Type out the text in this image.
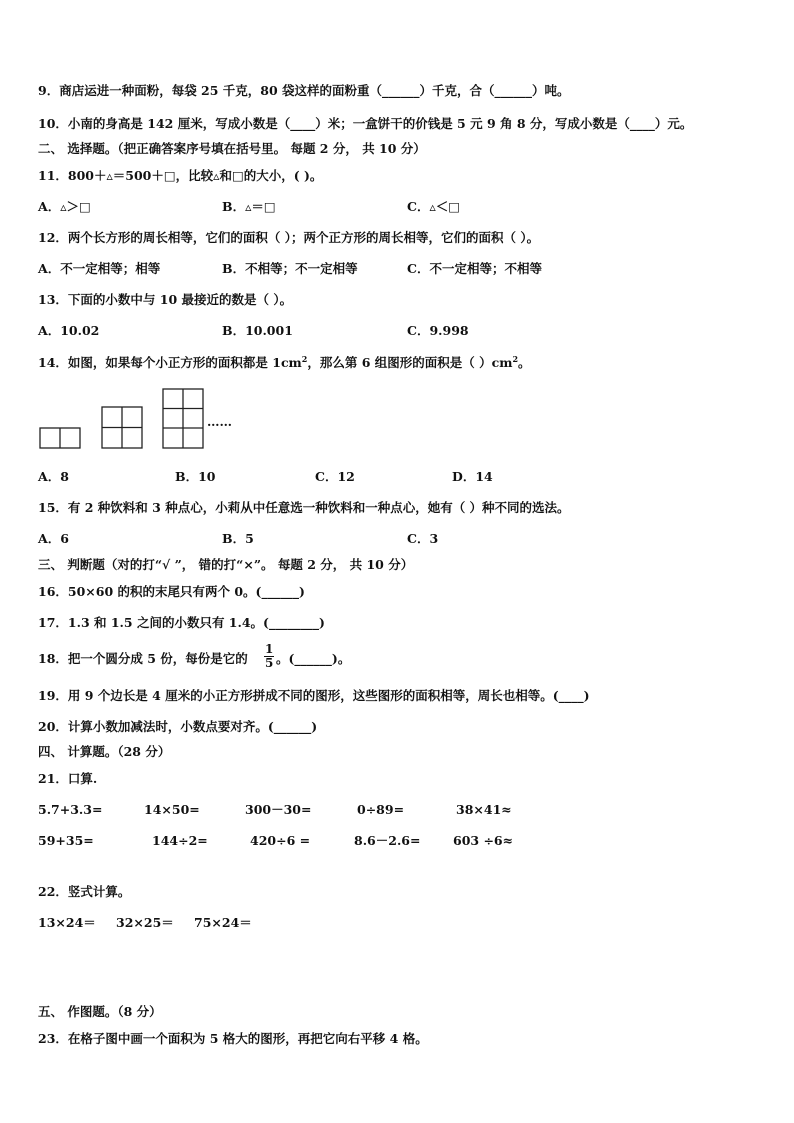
9．商店运进一种面粉，每袋 25 千克，80 袋这样的面粉重（______）千克，合（______）吨。
10．小南的身高是 142 厘米，写成小数是（____）米；一盒饼干的价钱是 5 元 9 角 8 分，写成小数是（____）元。
二、 选择题。（把正确答案序号填在括号里。 每题 2 分， 共 10 分）
11．800＋▵＝500＋□，比较▵和□的大小，( )。
A．▵＞□	B．▵＝□	C．▵＜□
12．两个长方形的周长相等，它们的面积（ ）；两个正方形的周长相等，它们的面积（ ）。
A．不一定相等；相等	B．不相等；不一定相等	C．不一定相等；不相等
13．下面的小数中与 10 最接近的数是（ ）。
A．10.02	B．10.001	C．9.998
14．如图，如果每个小正方形的面积都是 $1cm^2$，那么第 6 组图形的面积是（ ）$cm^2$。
……
A．8	B．10	C．12	D．14
15．有 2 种饮料和 3 种点心，小莉从中任意选一种饮料和一种点心，她有（ ）种不同的选法。
A．6	B．5	C．3
三、 判断题（对的打“√ ”， 错的打“×”。 每题 2 分， 共 10 分）
16．50×60 的积的末尾只有两个 0。(______)
17．1.3 和 1.5 之间的小数只有 1.4。(________)
18．把一个圆分成 5 份，每份是它的 $\frac{1}{5}$ 。(______)。
19．用 9 个边长是 4 厘米的小正方形拼成不同的图形，这些图形的面积相等，周长也相等。(____)
20．计算小数加减法时，小数点要对齐。(______)
四、 计算题。（28 分）
21．口算.
5.7+3.3=	14×50=	300－30=	0÷89=	38×41≈
59+35=	144÷2=	420÷6 =	8.6－2.6=	603 ÷6≈
22．竖式计算。
13×24＝ 32×25＝ 75×24＝
五、 作图题。（8 分）
23．在格子图中画一个面积为 5 格大的图形，再把它向右平移 4 格。
